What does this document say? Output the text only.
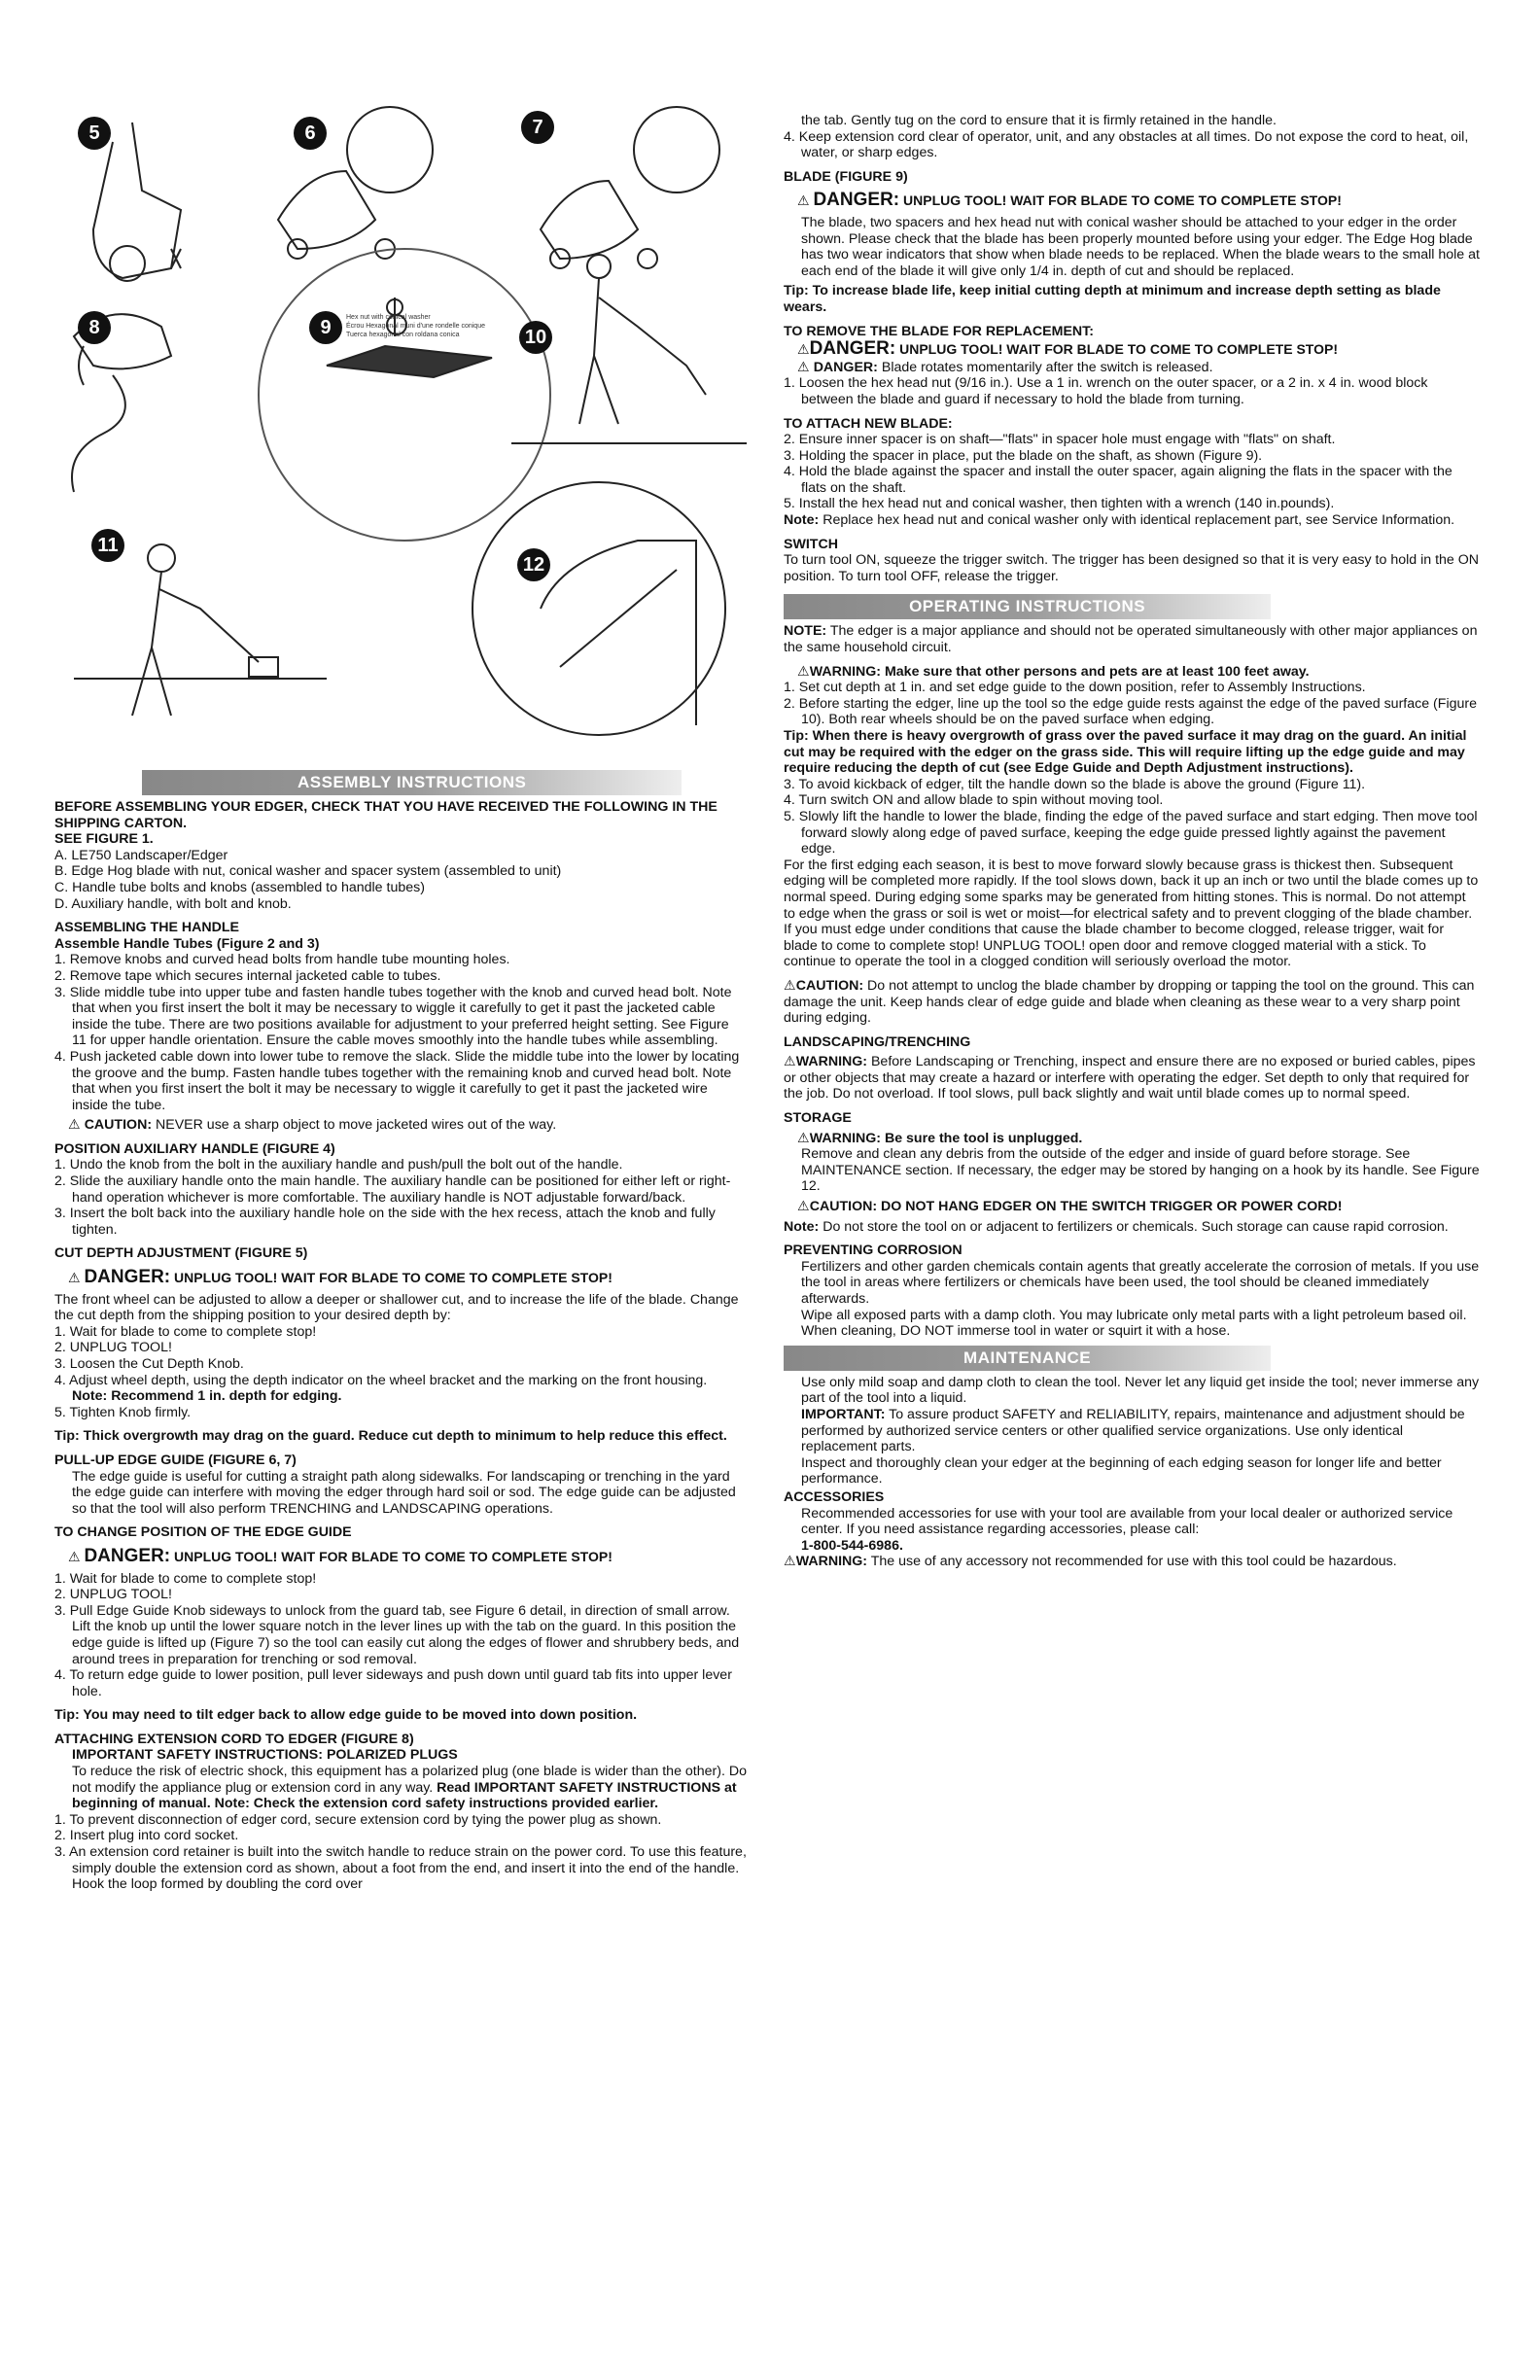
5	6	7
8	9	10
11
12
Hex nut with conical washer
Écrou Hexagonal muni d'une rondelle conique
Tuerca hexagonal con roldana conica
ASSEMBLY INSTRUCTIONS

BEFORE ASSEMBLING YOUR EDGER, CHECK THAT YOU HAVE RECEIVED THE FOLLOWING IN THE SHIPPING CARTON.

SEE FIGURE 1.

A. LE750 Landscaper/Edger

B. Edge Hog blade with nut, conical washer and spacer system (assembled to unit)

C. Handle tube bolts and knobs (assembled to handle tubes)

D. Auxiliary handle, with bolt and knob.

ASSEMBLING THE HANDLE

Assemble Handle Tubes (Figure 2 and 3)

1. Remove knobs and curved head bolts from handle tube mounting holes.
2. Remove tape which secures internal jacketed cable to tubes.
3. Slide middle tube into upper tube and fasten handle tubes together with the knob and curved head bolt. Note that when you first insert the bolt it may be necessary to wiggle it carefully to get it past the jacketed cable inside the tube. There are two positions available for adjustment to your preferred height setting. See Figure 11 for upper handle orientation. Ensure the cable moves smoothly into the handle tubes while assembling.
4. Push jacketed cable down into lower tube to remove the slack. Slide the middle tube into the lower by locating the groove and the bump. Fasten handle tubes together with the remaining knob and curved head bolt. Note that when you first insert the bolt it may be necessary to wiggle it carefully to get it past the jacketed wire inside the tube.

⚠ CAUTION: NEVER use a sharp object to move jacketed wires out of the way.

POSITION AUXILIARY HANDLE (FIGURE 4)
1. Undo the knob from the bolt in the auxiliary handle and push/pull the bolt out of the handle.
2. Slide the auxiliary handle onto the main handle. The auxiliary handle can be positioned for either left or right-hand operation whichever is more comfortable. The auxiliary handle is NOT adjustable forward/back.
3. Insert the bolt back into the auxiliary handle hole on the side with the hex recess, attach the knob and fully tighten.
CUT DEPTH ADJUSTMENT (FIGURE 5)
⚠ DANGER: UNPLUG TOOL! WAIT FOR BLADE TO COME TO COMPLETE STOP!

The front wheel can be adjusted to allow a deeper or shallower cut, and to increase the life of the blade. Change the cut depth from the shipping position to your desired depth by:

1. Wait for blade to come to complete stop!
2. UNPLUG TOOL!
3. Loosen the Cut Depth Knob.
4. Adjust wheel depth, using the depth indicator on the wheel bracket and the marking on the front housing.

Note: Recommend 1 in. depth for edging.

5. Tighten Knob firmly.

Tip: Thick overgrowth may drag on the guard. Reduce cut depth to minimum to help reduce this effect.

PULL-UP EDGE GUIDE (FIGURE 6, 7)

The edge guide is useful for cutting a straight path along sidewalks. For landscaping or trenching in the yard the edge guide can interfere with moving the edger through hard soil or sod. The edge guide can be adjusted so that the tool will also perform TRENCHING and LANDSCAPING operations.

TO CHANGE POSITION OF THE EDGE GUIDE
⚠ DANGER: UNPLUG TOOL! WAIT FOR BLADE TO COME TO COMPLETE STOP!
1. Wait for blade to come to complete stop!
2. UNPLUG TOOL!
3. Pull Edge Guide Knob sideways to unlock from the guard tab, see Figure 6 detail, in direction of small arrow. Lift the knob up until the lower square notch in the lever lines up with the tab on the guard. In this position the edge guide is lifted up (Figure 7) so the tool can easily cut along the edges of flower and shrubbery beds, and around trees in preparation for trenching or sod removal.
4. To return edge guide to lower position, pull lever sideways and push down until guard tab fits into upper lever hole.

Tip: You may need to tilt edger back to allow edge guide to be moved into down position.

ATTACHING EXTENSION CORD TO EDGER (FIGURE 8)

IMPORTANT SAFETY INSTRUCTIONS: POLARIZED PLUGS

To reduce the risk of electric shock, this equipment has a polarized plug (one blade is wider than the other). Do not modify the appliance plug or extension cord in any way. Read IMPORTANT SAFETY INSTRUCTIONS at beginning of manual. Note: Check the extension cord safety instructions provided earlier.

1. To prevent disconnection of edger cord, secure extension cord by tying the power plug as shown.
2. Insert plug into cord socket.
3. An extension cord retainer is built into the switch handle to reduce strain on the power cord. To use this feature, simply double the extension cord as shown, about a foot from the end, and insert it into the end of the handle. Hook the loop formed by doubling the cord over

the tab. Gently tug on the cord to ensure that it is firmly retained in the handle.

4. Keep extension cord clear of operator, unit, and any obstacles at all times. Do not expose the cord to heat, oil, water, or sharp edges.
BLADE (FIGURE 9)
⚠ DANGER: UNPLUG TOOL! WAIT FOR BLADE TO COME TO COMPLETE STOP!

The blade, two spacers and hex head nut with conical washer should be attached to your edger in the order shown. Please check that the blade has been properly mounted before using your edger. The Edge Hog blade has two wear indicators that show when blade needs to be replaced. When the blade wears to the small hole at each end of the blade it will give only 1/4 in. depth of cut and should be replaced.

Tip: To increase blade life, keep initial cutting depth at minimum and increase depth setting as blade wears.

TO REMOVE THE BLADE FOR REPLACEMENT:
⚠DANGER: UNPLUG TOOL! WAIT FOR BLADE TO COME TO COMPLETE STOP!

⚠ DANGER: Blade rotates momentarily after the switch is released.

1. Loosen the hex head nut (9/16 in.). Use a 1 in. wrench on the outer spacer, or a 2 in. x 4 in. wood block between the blade and guard if necessary to hold the blade from turning.
TO ATTACH NEW BLADE:
2. Ensure inner spacer is on shaft—"flats" in spacer hole must engage with "flats" on shaft.
3. Holding the spacer in place, put the blade on the shaft, as shown (Figure 9).
4. Hold the blade against the spacer and install the outer spacer, again aligning the flats in the spacer with the flats on the shaft.
5. Install the hex head nut and conical washer, then tighten with a wrench (140 in.pounds).

Note: Replace hex head nut and conical washer only with identical replacement part, see Service Information.

SWITCH

To turn tool ON, squeeze the trigger switch. The trigger has been designed so that it is very easy to hold in the ON position. To turn tool OFF, release the trigger.

OPERATING INSTRUCTIONS

NOTE: The edger is a major appliance and should not be operated simultaneously with other major appliances on the same household circuit.

⚠WARNING: Make sure that other persons and pets are at least 100 feet away.

1. Set cut depth at 1 in. and set edge guide to the down position, refer to Assembly Instructions.
2. Before starting the edger, line up the tool so the edge guide rests against the edge of the paved surface (Figure 10). Both rear wheels should be on the paved surface when edging.

Tip: When there is heavy overgrowth of grass over the paved surface it may drag on the guard. An initial cut may be required with the edger on the grass side. This will require lifting up the edge guide and may require reducing the depth of cut (see Edge Guide and Depth Adjustment instructions).

3. To avoid kickback of edger, tilt the handle down so the blade is above the ground (Figure 11).
4. Turn switch ON and allow blade to spin without moving tool.
5. Slowly lift the handle to lower the blade, finding the edge of the paved surface and start edging. Then move tool forward slowly along edge of paved surface, keeping the edge guide pressed lightly against the pavement edge.

For the first edging each season, it is best to move forward slowly because grass is thickest then. Subsequent edging will be completed more rapidly. If the tool slows down, back it up an inch or two until the blade comes up to normal speed. During edging some sparks may be generated from hitting stones. This is normal. Do not attempt to edge when the grass or soil is wet or moist—for electrical safety and to prevent clogging of the blade chamber. If you must edge under conditions that cause the blade chamber to become clogged, release trigger, wait for blade to come to complete stop! UNPLUG TOOL! open door and remove clogged material with a stick. To continue to operate the tool in a clogged condition will seriously overload the motor.

⚠CAUTION: Do not attempt to unclog the blade chamber by dropping or tapping the tool on the ground. This can damage the unit. Keep hands clear of edge guide and blade when cleaning as these wear to a very sharp point during edging.

LANDSCAPING/TRENCHING

⚠WARNING: Before Landscaping or Trenching, inspect and ensure there are no exposed or buried cables, pipes or other objects that may create a hazard or interfere with operating the edger. Set depth to only that required for the job. Do not overload. If tool slows, pull back slightly and wait until blade comes up to normal speed.

STORAGE

⚠WARNING: Be sure the tool is unplugged.

Remove and clean any debris from the outside of the edger and inside of guard before storage. See MAINTENANCE section. If necessary, the edger may be stored by hanging on a hook by its handle. See Figure 12.

⚠CAUTION: DO NOT HANG EDGER ON THE SWITCH TRIGGER OR POWER CORD!

Note: Do not store the tool on or adjacent to fertilizers or chemicals. Such storage can cause rapid corrosion.

PREVENTING CORROSION

Fertilizers and other garden chemicals contain agents that greatly accelerate the corrosion of metals. If you use the tool in areas where fertilizers or chemicals have been used, the tool should be cleaned immediately afterwards.

Wipe all exposed parts with a damp cloth. You may lubricate only metal parts with a light petroleum based oil.

When cleaning, DO NOT immerse tool in water or squirt it with a hose.

MAINTENANCE

Use only mild soap and damp cloth to clean the tool. Never let any liquid get inside the tool; never immerse any part of the tool into a liquid.

IMPORTANT: To assure product SAFETY and RELIABILITY, repairs, maintenance and adjustment should be performed by authorized service centers or other qualified service organizations. Use only identical replacement parts.

Inspect and thoroughly clean your edger at the beginning of each edging season for longer life and better performance.

ACCESSORIES

Recommended accessories for use with your tool are available from your local dealer or authorized service center. If you need assistance regarding accessories, please call:

1-800-544-6986.

⚠WARNING: The use of any accessory not recommended for use with this tool could be hazardous.
